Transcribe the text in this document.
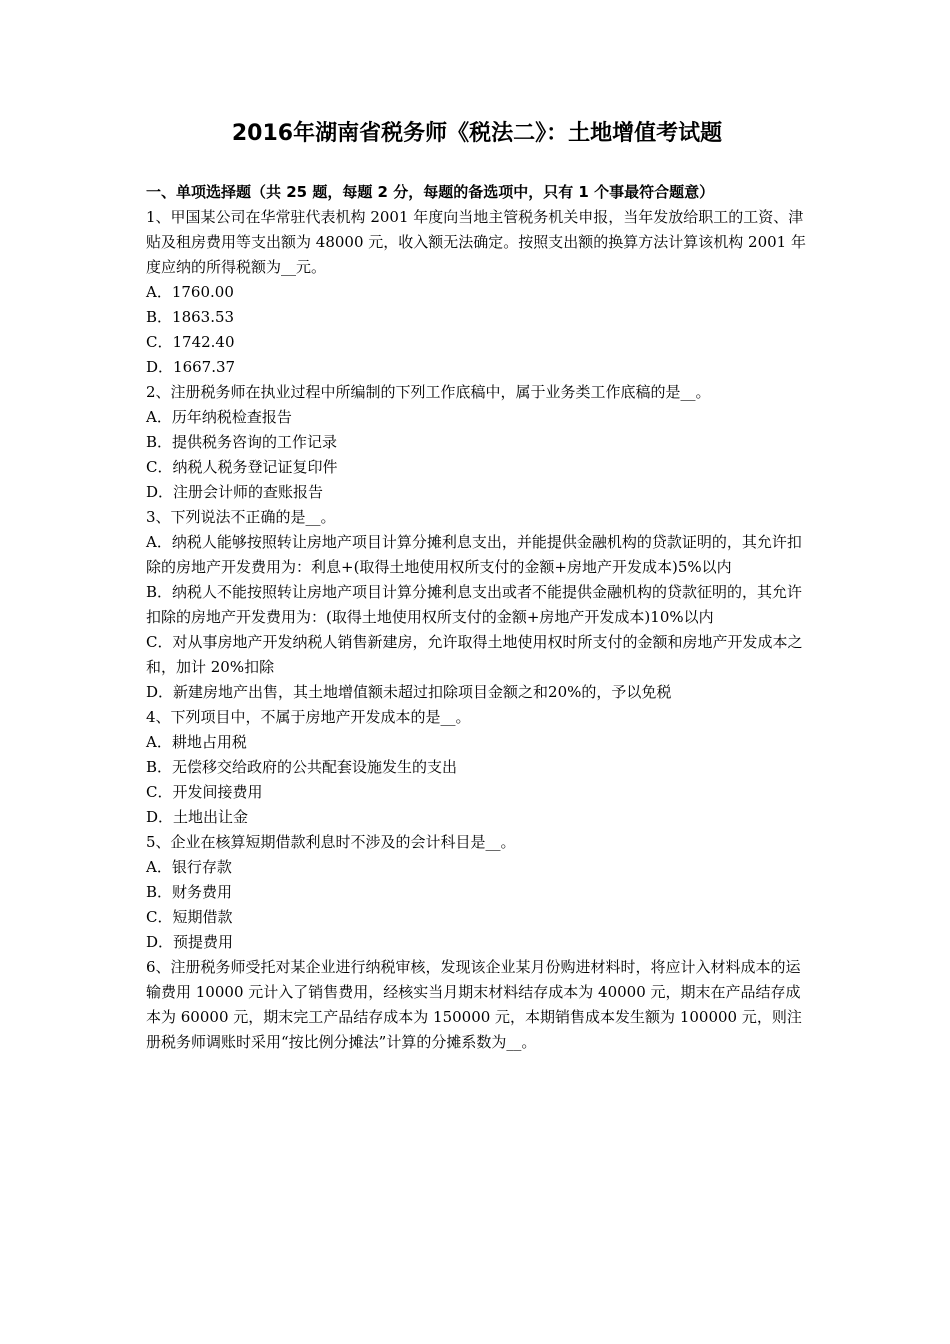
2016年湖南省税务师《税法二》：土地增值考试题

一、单项选择题（共 25 题，每题 2 分，每题的备选项中，只有 1 个事最符合题意）

1、甲国某公司在华常驻代表机构 2001 年度向当地主管税务机关申报，当年发放给职工的工资、津贴及租房费用等支出额为 48000 元，收入额无法确定。按照支出额的换算方法计算该机构 2001 年度应纳的所得税额为__元。

A．1760.00

B．1863.53

C．1742.40

D．1667.37

2、注册税务师在执业过程中所编制的下列工作底稿中，属于业务类工作底稿的是__。

A．历年纳税检查报告

B．提供税务咨询的工作记录

C．纳税人税务登记证复印件

D．注册会计师的查账报告

3、下列说法不正确的是__。

A．纳税人能够按照转让房地产项目计算分摊利息支出，并能提供金融机构的贷款证明的，其允许扣除的房地产开发费用为：利息+(取得土地使用权所支付的金额+房地产开发成本)5%以内

B．纳税人不能按照转让房地产项目计算分摊利息支出或者不能提供金融机构的贷款征明的，其允许扣除的房地产开发费用为：(取得土地使用权所支付的金额+房地产开发成本)10%以内

C．对从事房地产开发纳税人销售新建房，允许取得土地使用权时所支付的金额和房地产开发成本之和，加计 20%扣除

D．新建房地产出售，其土地增值额未超过扣除项目金额之和20%的，予以免税

4、下列项目中，不属于房地产开发成本的是__。

A．耕地占用税

B．无偿移交给政府的公共配套设施发生的支出

C．开发间接费用

D．土地出让金

5、企业在核算短期借款利息时不涉及的会计科目是__。

A．银行存款

B．财务费用

C．短期借款

D．预提费用

6、注册税务师受托对某企业进行纳税审核，发现该企业某月份购进材料时，将应计入材料成本的运输费用 10000 元计入了销售费用，经核实当月期末材料结存成本为 40000 元，期末在产品结存成本为 60000 元，期末完工产品结存成本为 150000 元，本期销售成本发生额为 100000 元，则注册税务师调账时采用“按比例分摊法”计算的分摊系数为__。
